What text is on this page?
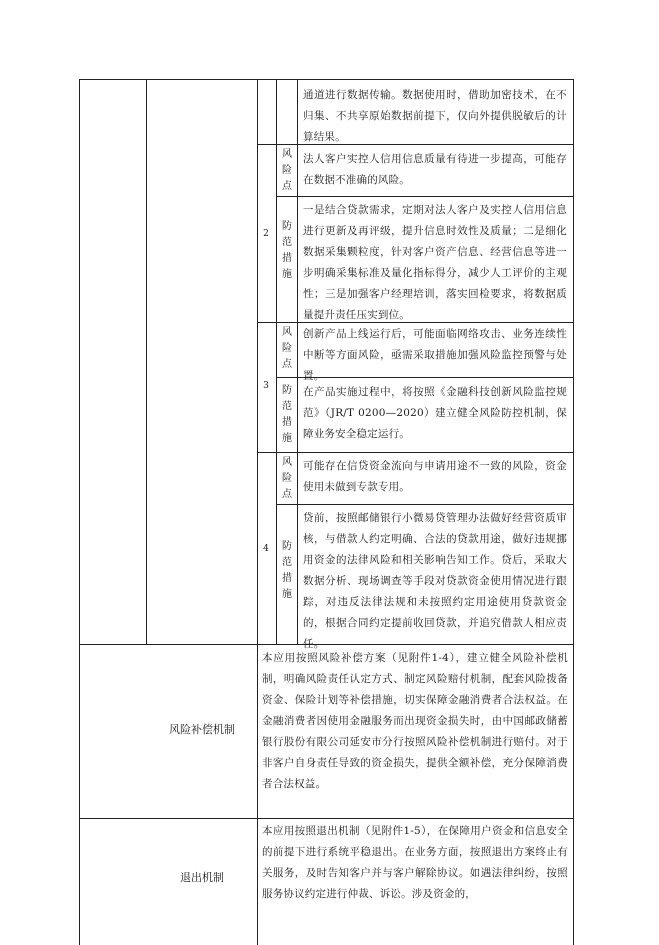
通道进行数据传输。数据使用时，借助加密技术，在不归集、不共享原始数据前提下，仅向外提供脱敏后的计算结果。
2
风险点
法人客户实控人信用信息质量有待进一步提高，可能存在数据不准确的风险。
防范措施
一是结合贷款需求，定期对法人客户及实控人信用信息进行更新及再评级，提升信息时效性及质量；二是细化数据采集颗粒度，针对客户资产信息、经营信息等进一步明确采集标准及量化指标得分，减少人工评价的主观性；三是加强客户经理培训，落实回检要求，将数据质量提升责任压实到位。
3
风险点
创新产品上线运行后，可能面临网络攻击、业务连续性中断等方面风险，亟需采取措施加强风险监控预警与处置。
防范措施
在产品实施过程中，将按照《金融科技创新风险监控规范》（JR/T 0200—2020）建立健全风险防控机制，保障业务安全稳定运行。
4
风险点
可能存在信贷资金流向与申请用途不一致的风险，资金使用未做到专款专用。
防范措施
贷前，按照邮储银行小微易贷管理办法做好经营资质审核，与借款人约定明确、合法的贷款用途，做好违规挪用资金的法律风险和相关影响告知工作。贷后，采取大数据分析、现场调查等手段对贷款资金使用情况进行跟踪，对违反法律法规和未按照约定用途使用贷款资金的，根据合同约定提前收回贷款，并追究借款人相应责任。
风险补偿机制
本应用按照风险补偿方案（见附件1-4），建立健全风险补偿机制，明确风险责任认定方式、制定风险赔付机制，配套风险拨备资金、保险计划等补偿措施，切实保障金融消费者合法权益。在金融消费者因使用金融服务而出现资金损失时，由中国邮政储蓄银行股份有限公司延安市分行按照风险补偿机制进行赔付。对于非客户自身责任导致的资金损失，提供全额补偿，充分保障消费者合法权益。
退出机制
本应用按照退出机制（见附件1-5），在保障用户资金和信息安全的前提下进行系统平稳退出。在业务方面，按照退出方案终止有关服务，及时告知客户并与客户解除协议。如遇法律纠纷，按照服务协议约定进行仲裁、诉讼。涉及资金的，
